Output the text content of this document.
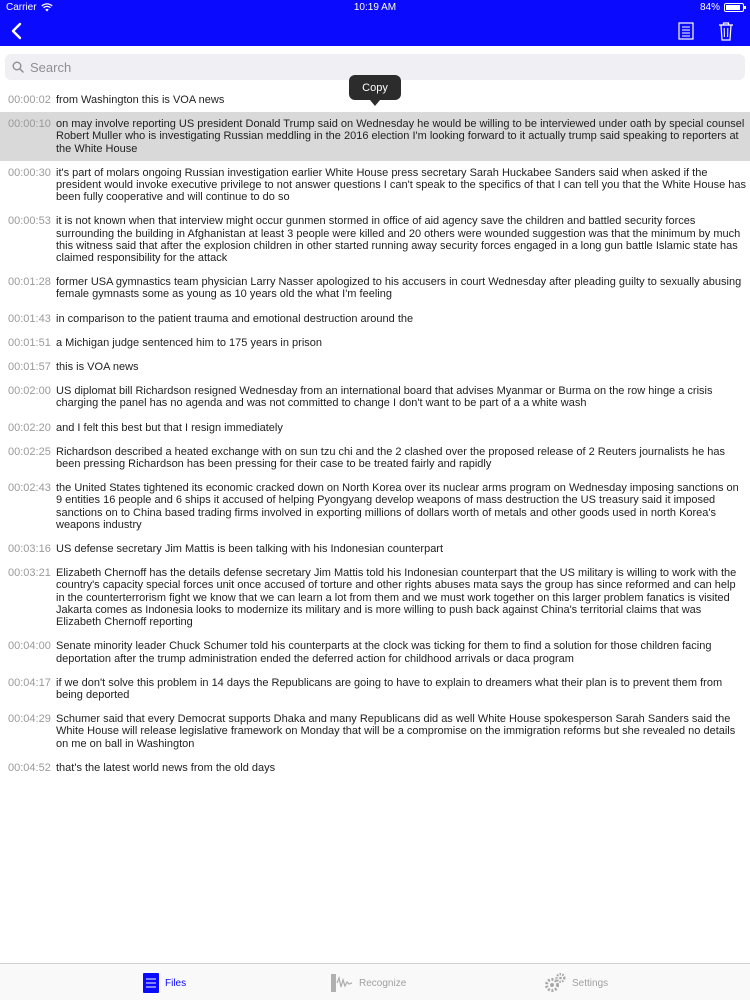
Carrier	10:19 AM	84%
Search
00:00:02 from Washington this is VOA news
00:00:10 on may involve reporting US president Donald Trump said on Wednesday he would be willing to be interviewed under oath by special counsel Robert Muller who is investigating Russian meddling in the 2016 election I'm looking forward to it actually trump said speaking to reporters at the White House
00:00:30 it's part of molars ongoing Russian investigation earlier White House press secretary Sarah Huckabee Sanders said when asked if the president would invoke executive privilege to not answer questions I can't speak to the specifics of that I can tell you that the White House has been fully cooperative and will continue to do so
00:00:53 it is not known when that interview might occur gunmen stormed in office of aid agency save the children and battled security forces surrounding the building in Afghanistan at least 3 people were killed and 20 others were wounded suggestion was that the minimum by much this witness said that after the explosion children in other started running away security forces engaged in a long gun battle Islamic state has claimed responsibility for the attack
00:01:28 former USA gymnastics team physician Larry Nasser apologized to his accusers in court Wednesday after pleading guilty to sexually abusing female gymnasts some as young as 10 years old the what I'm feeling
00:01:43 in comparison to the patient trauma and emotional destruction around the
00:01:51 a Michigan judge sentenced him to 175 years in prison
00:01:57 this is VOA news
00:02:00 US diplomat bill Richardson resigned Wednesday from an international board that advises Myanmar or Burma on the row hinge a crisis charging the panel has no agenda and was not committed to change I don't want to be part of a a white wash
00:02:20 and I felt this best but that I resign immediately
00:02:25 Richardson described a heated exchange with on sun tzu chi and the 2 clashed over the proposed release of 2 Reuters journalists he has been pressing Richardson has been pressing for their case to be treated fairly and rapidly
00:02:43 the United States tightened its economic cracked down on North Korea over its nuclear arms program on Wednesday imposing sanctions on 9 entities 16 people and 6 ships it accused of helping Pyongyang develop weapons of mass destruction the US treasury said it imposed sanctions on to China based trading firms involved in exporting millions of dollars worth of metals and other goods used in north Korea's weapons industry
00:03:16 US defense secretary Jim Mattis is been talking with his Indonesian counterpart
00:03:21 Elizabeth Chernoff has the details defense secretary Jim Mattis told his Indonesian counterpart that the US military is willing to work with the country's capacity special forces unit once accused of torture and other rights abuses mata says the group has since reformed and can help in the counterterrorism fight we know that we can learn a lot from them and we must work together on this larger problem fanatics is visited Jakarta comes as Indonesia looks to modernize its military and is more willing to push back against China's territorial claims that was Elizabeth Chernoff reporting
00:04:00 Senate minority leader Chuck Schumer told his counterparts at the clock was ticking for them to find a solution for those children facing deportation after the trump administration ended the deferred action for childhood arrivals or daca program
00:04:17 if we don't solve this problem in 14 days the Republicans are going to have to explain to dreamers what their plan is to prevent them from being deported
00:04:29 Schumer said that every Democrat supports Dhaka and many Republicans did as well White House spokesperson Sarah Sanders said the White House will release legislative framework on Monday that will be a compromise on the immigration reforms but she revealed no details on me on ball in Washington
00:04:52 that's the latest world news from the old days
Copy
Files	Recognize	Settings
